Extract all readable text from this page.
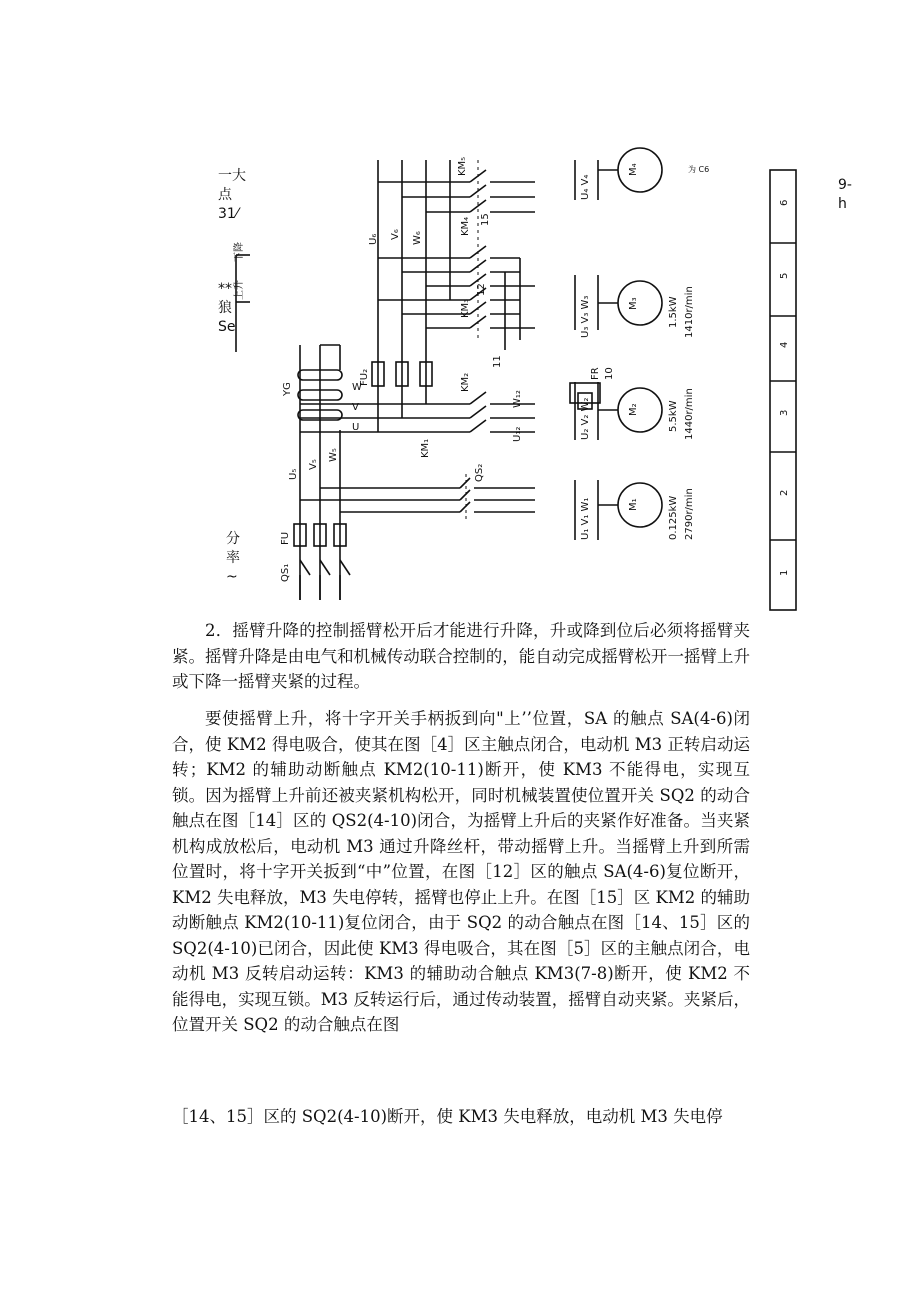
一大
点
31⁄
**
狼
Se
分
率
~
9-
h
上升
下降
YG	W
V
U
FU₂
U₆ V₆ W₆
KM₅
KM₄ 15
KM₃
12
KM₂
11
KM₁
U₁₂
W₁₂
U₅
V₅
W₅
QS₂
FU
QS₁
M₄
U₄ V₄
为 C6
M₃
U₃ V₃ W₃	1.5kW 1410r/min
M₂
U₂ V₂ W₂	5.5kW 1440r/min
FR 10
M₁
U₁ V₁ W₁	0.125kW 2790r/min
6
5
4
3
2
1
2．摇臂升降的控制摇臂松开后才能进行升降，升或降到位后必须将摇臂夹紧。摇臂升降是由电气和机械传动联合控制的，能自动完成摇臂松开一摇臂上升或下降一摇臂夹紧的过程。
要使摇臂上升，将十字开关手柄扳到向"上’’位置，SA 的触点 SA(4-6)闭合，使 KM2 得电吸合，使其在图［4］区主触点闭合，电动机 M3 正转启动运转；KM2 的辅助动断触点 KM2(10-11)断开，使 KM3 不能得电，实现互锁。因为摇臂上升前还被夹紧机构松开，同时机械装置使位置开关 SQ2 的动合触点在图［14］区的 QS2(4-10)闭合，为摇臂上升后的夹紧作好准备。当夹紧机构成放松后，电动机 M3 通过升降丝杆，带动摇臂上升。当摇臂上升到所需位置时，将十字开关扳到“中”位置，在图［12］区的触点 SA(4-6)复位断开，KM2 失电释放，M3 失电停转，摇臂也停止上升。在图［15］区 KM2 的辅助动断触点 KM2(10-11)复位闭合，由于 SQ2 的动合触点在图［14、15］区的 SQ2(4-10)已闭合，因此使 KM3 得电吸合，其在图［5］区的主触点闭合，电动机 M3 反转启动运转：KM3 的辅助动合触点 KM3(7-8)断开，使 KM2 不能得电，实现互锁。M3 反转运行后，通过传动装置，摇臂自动夹紧。夹紧后，位置开关 SQ2 的动合触点在图
［14、15］区的 SQ2(4-10)断开，使 KM3 失电释放，电动机 M3 失电停
